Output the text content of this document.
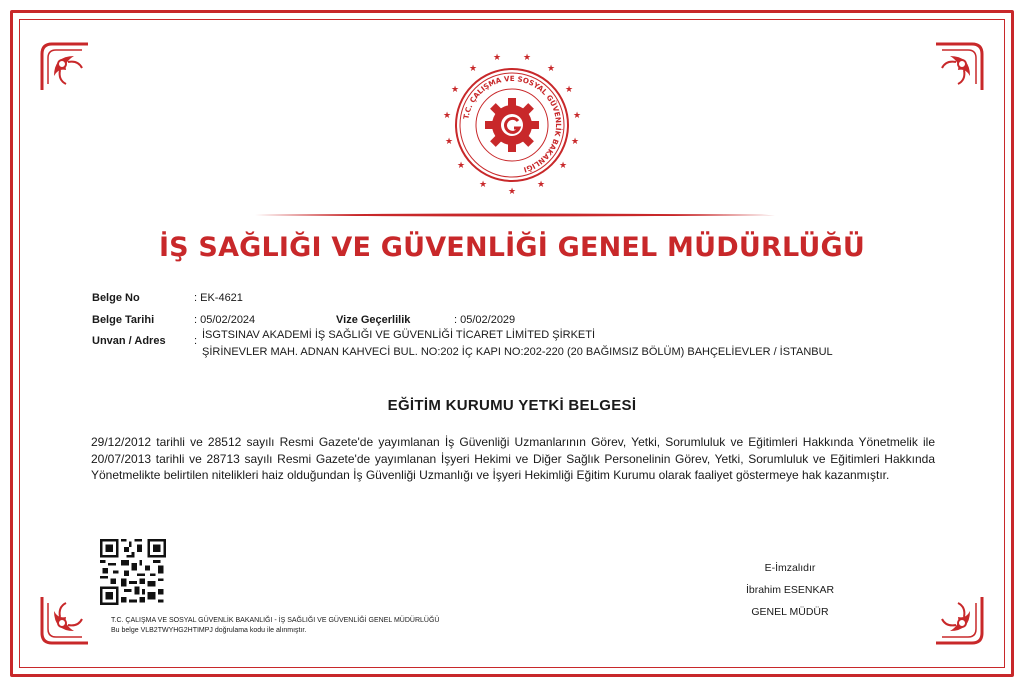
T.C. ÇALIŞMA VE SOSYAL GÜVENLİK BAKANLIĞI
★
★	★
★	★
★	★
★	★
★	★
★	★
★ ★
İŞ SAĞLIĞI VE GÜVENLİĞİ GENEL MÜDÜRLÜĞÜ
Belge No	: EK-4621
Belge Tarihi	: 05/02/2024	Vize Geçerlilik	: 05/02/2029
Unvan / Adres	: İSGTSINAV AKADEMİ İŞ SAĞLIĞI VE GÜVENLİĞİ TİCARET LİMİTED ŞİRKETİ
ŞİRİNEVLER MAH. ADNAN KAHVECİ BUL. NO:202 İÇ KAPI NO:202-220 (20 BAĞIMSIZ BÖLÜM) BAHÇELİEVLER / İSTANBUL
EĞİTİM KURUMU YETKİ BELGESİ
29/12/2012 tarihli ve 28512 sayılı Resmi Gazete'de yayımlanan İş Güvenliği Uzmanlarının Görev, Yetki, Sorumluluk ve Eğitimleri Hakkında Yönetmelik ile 20/07/2013 tarihli ve 28713 sayılı Resmi Gazete'de yayımlanan İşyeri Hekimi ve Diğer Sağlık Personelinin Görev, Yetki, Sorumluluk ve Eğitimleri Hakkında Yönetmelikte belirtilen nitelikleri haiz olduğundan İş Güvenliği Uzmanlığı ve İşyeri Hekimliği Eğitim Kurumu olarak faaliyet göstermeye hak kazanmıştır.
T.C. ÇALIŞMA VE SOSYAL GÜVENLİK BAKANLIĞI - İŞ SAĞLIĞI VE GÜVENLİĞİ GENEL MÜDÜRLÜĞÜ
Bu belge VLB2TWYHG2HTIMPJ doğrulama kodu ile alınmıştır.
E-İmzalıdır
İbrahim ESENKAR
GENEL MÜDÜR
